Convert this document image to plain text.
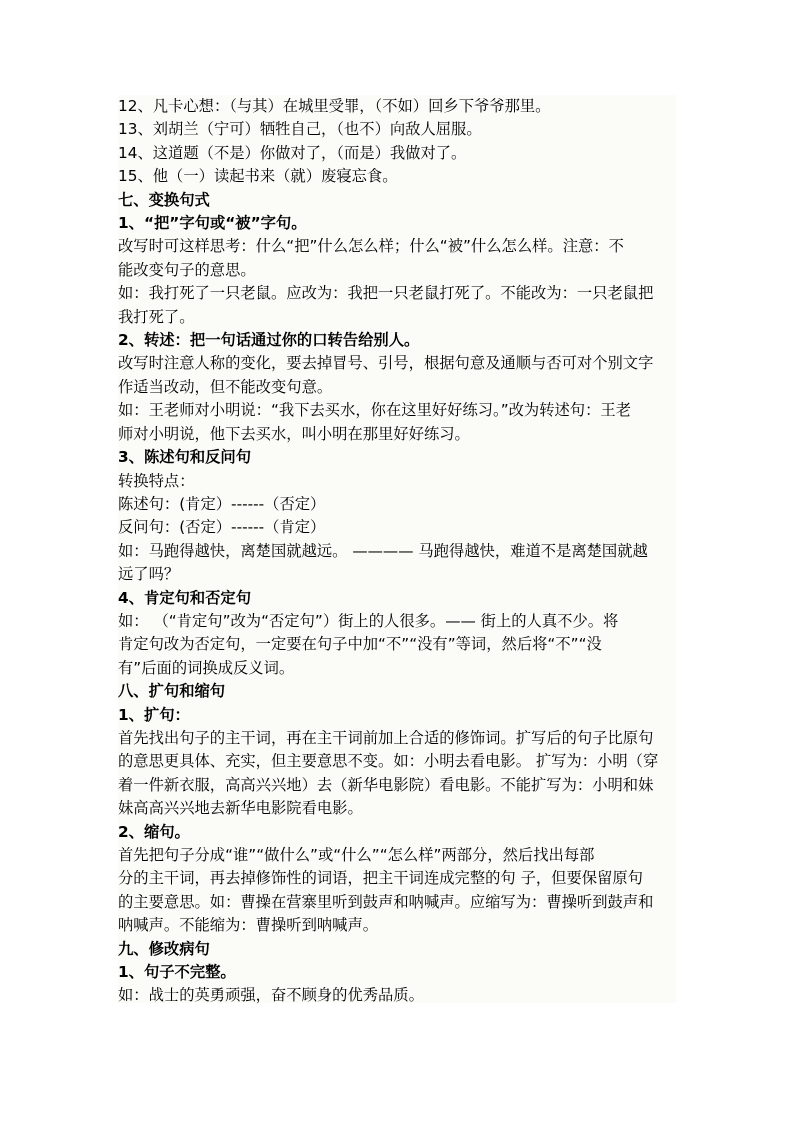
12、凡卡心想：（与其）在城里受罪，（不如）回乡下爷爷那里。
13、刘胡兰（宁可）牺牲自己，（也不）向敌人屈服。
14、这道题（不是）你做对了，（而是）我做对了。
15、他（一）读起书来（就）废寝忘食。
七、变换句式
1、“把”字句或“被”字句。
改写时可这样思考：什么“把”什么怎么样；什么“被”什么怎么样。注意：不
能改变句子的意思。
如：我打死了一只老鼠。应改为：我把一只老鼠打死了。不能改为：一只老鼠把
我打死了。
2、转述：把一句话通过你的口转告给别人。
改写时注意人称的变化，要去掉冒号、引号，根据句意及通顺与否可对个别文字
作适当改动，但不能改变句意。
如：王老师对小明说：“我下去买水，你在这里好好练习。”改为转述句：王老
师对小明说，他下去买水，叫小明在那里好好练习。
3、陈述句和反问句
转换特点：
陈述句：(肯定）------（否定）
反问句：(否定）------（肯定）
如：马跑得越快，离楚国就越远。 ———— 马跑得越快，难道不是离楚国就越
远了吗？
4、肯定句和否定句
如： （“肯定句”改为“否定句”）街上的人很多。—— 街上的人真不少。将
肯定句改为否定句，一定要在句子中加“不”“没有”等词，然后将“不”“没
有”后面的词换成反义词。
八、扩句和缩句
1、扩句：
首先找出句子的主干词，再在主干词前加上合适的修饰词。扩写后的句子比原句
的意思更具体、充实，但主要意思不变。如：小明去看电影。 扩写为：小明（穿
着一件新衣服，高高兴兴地）去（新华电影院）看电影。不能扩写为：小明和妹
妹高高兴兴地去新华电影院看电影。
2、缩句。
首先把句子分成“谁”“做什么”或“什么”“怎么样”两部分，然后找出每部
分的主干词，再去掉修饰性的词语，把主干词连成完整的句 子，但要保留原句
的主要意思。如：曹操在营寨里听到鼓声和呐喊声。应缩写为：曹操听到鼓声和
呐喊声。不能缩为：曹操听到呐喊声。
九、修改病句
1、句子不完整。
如：战士的英勇顽强，奋不顾身的优秀品质。
